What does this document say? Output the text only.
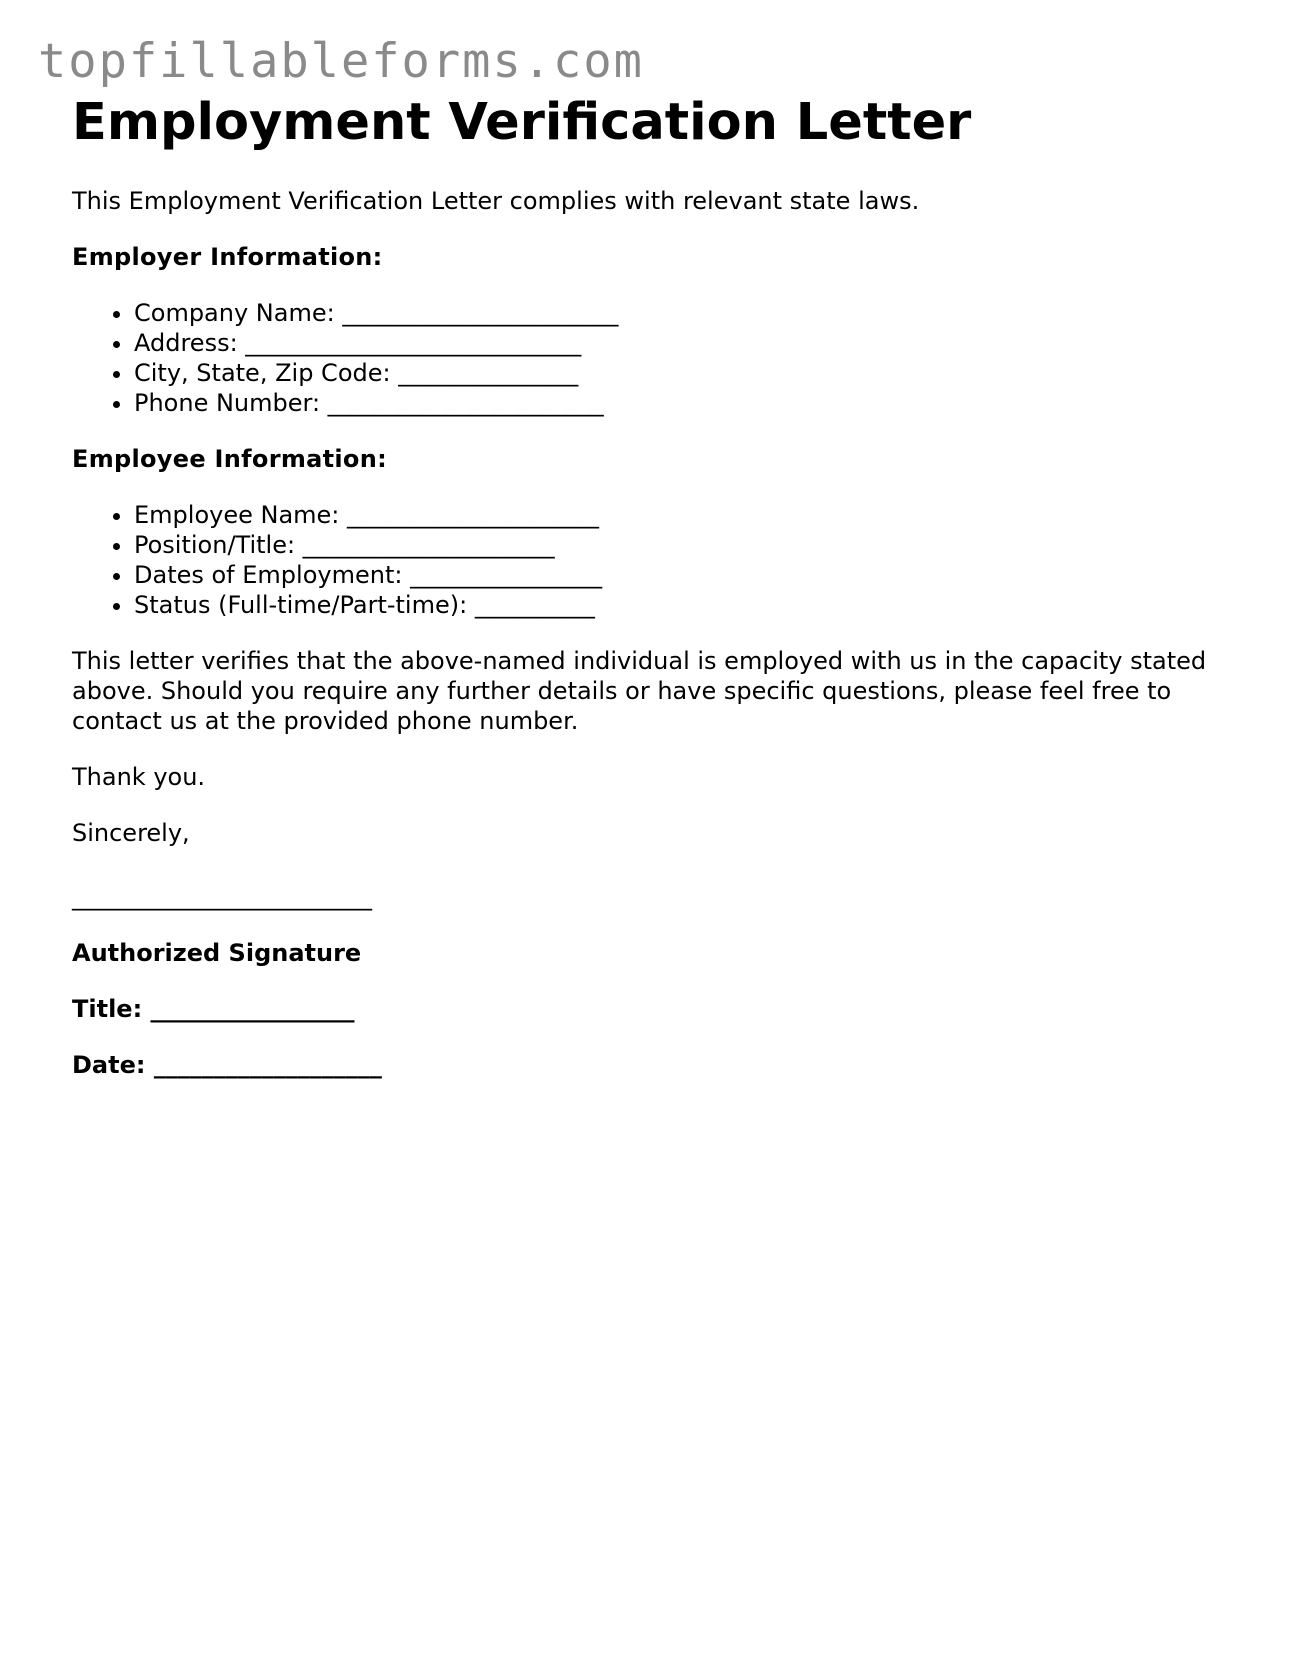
topfillableforms.com
Employment Verification Letter

This Employment Verification Letter complies with relevant state laws.

Employer Information:

• Company Name: _______________________
• Address: ____________________________
• City, State, Zip Code: _______________
• Phone Number: _______________________

Employee Information:

• Employee Name: _____________________
• Position/Title: _____________________
• Dates of Employment: ________________
• Status (Full-time/Part-time): __________

This letter verifies that the above-named individual is employed with us in the capacity stated above. Should you require any further details or have specific questions, please feel free to contact us at the provided phone number.

Thank you.

Sincerely,

_________________________

Authorized Signature

Title: _________________

Date: ___________________
